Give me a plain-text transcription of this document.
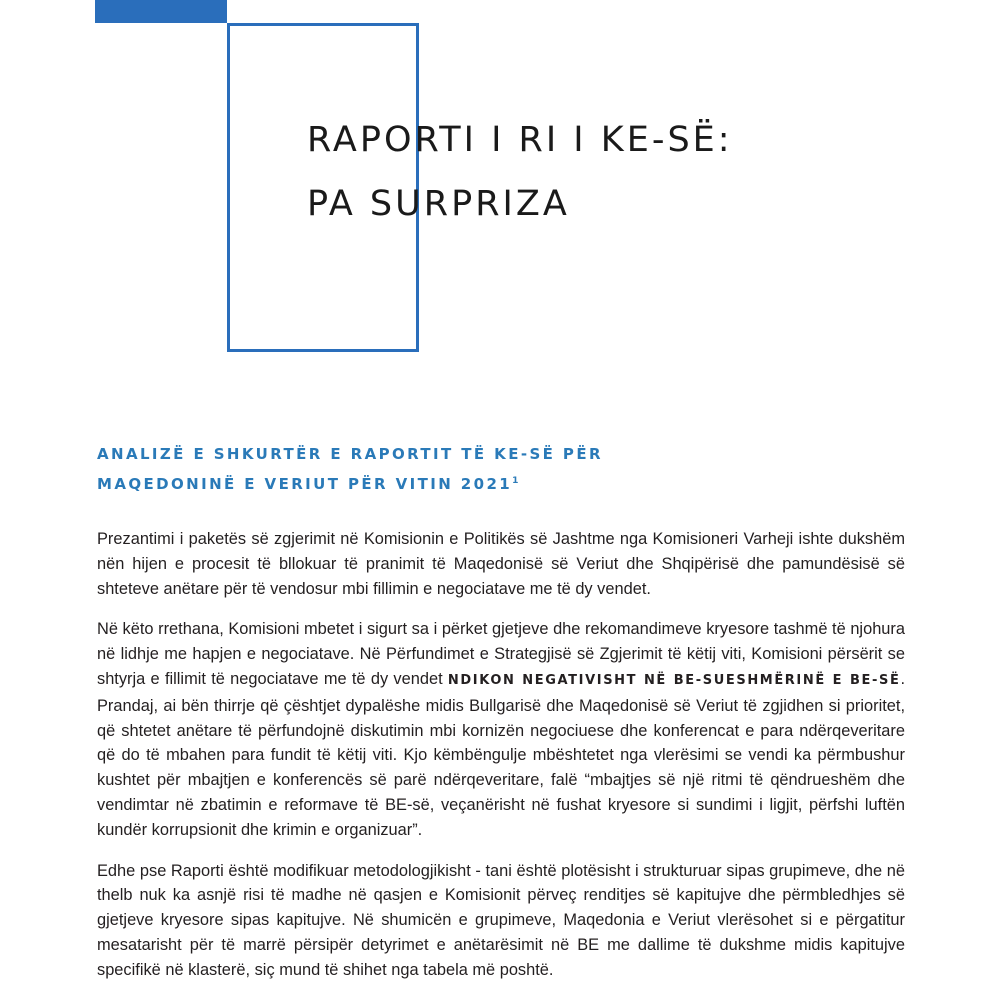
RAPORTI I RI I KE-SË:
PA SURPRIZA
ANALIZË E SHKURTËR E RAPORTIT TË KE-SË PËR
MAQEDONINË E VERIUT PËR VITIN 2021$^1$

Prezantimi i paketës së zgjerimit në Komisionin e Politikës së Jashtme nga Komisioneri Varheji ishte dukshëm nën hijen e procesit të bllokuar të pranimit të Maqedonisë së Veriut dhe Shqipërisë dhe pamundësisë së shteteve anëtare për të vendosur mbi fillimin e negociatave me të dy vendet.

Në këto rrethana, Komisioni mbetet i sigurt sa i përket gjetjeve dhe rekomandimeve kryesore tashmë të njohura në lidhje me hapjen e negociatave. Në Përfundimet e Strategjisë së Zgjerimit të këtij viti, Komisioni përsërit se shtyrja e fillimit të negociatave me të dy vendet NDIKON NEGATIVISHT NË BE-SUESHMËRINË E BE-SË. Prandaj, ai bën thirrje që çështjet dypalëshe midis Bullgarisë dhe Maqedonisë së Veriut të zgjidhen si prioritet, që shtetet anëtare të përfundojnë diskutimin mbi kornizën negociuese dhe konferencat e para ndërqeveritare që do të mbahen para fundit të këtij viti. Kjo këmbëngulje mbështetet nga vlerësimi se vendi ka përmbushur kushtet për mbajtjen e konferencës së parë ndërqeveritare, falë “mbajtjes së një ritmi të qëndrueshëm dhe vendimtar në zbatimin e reformave të BE-së, veçanërisht në fushat kryesore si sundimi i ligjit, përfshi luftën kundër korrupsionit dhe krimin e organizuar”.

Edhe pse Raporti është modifikuar metodologjikisht - tani është plotësisht i strukturuar sipas grupimeve, dhe në thelb nuk ka asnjë risi të madhe në qasjen e Komisionit përveç renditjes së kapitujve dhe përmbledhjes së gjetjeve kryesore sipas kapitujve. Në shumicën e grupimeve, Maqedonia e Veriut vlerësohet si e përgatitur mesatarisht për të marrë përsipër detyrimet e anëtarësimit në BE me dallime të dukshme midis kapitujve specifikë në klasterë, siç mund të shihet nga tabela më poshtë.
